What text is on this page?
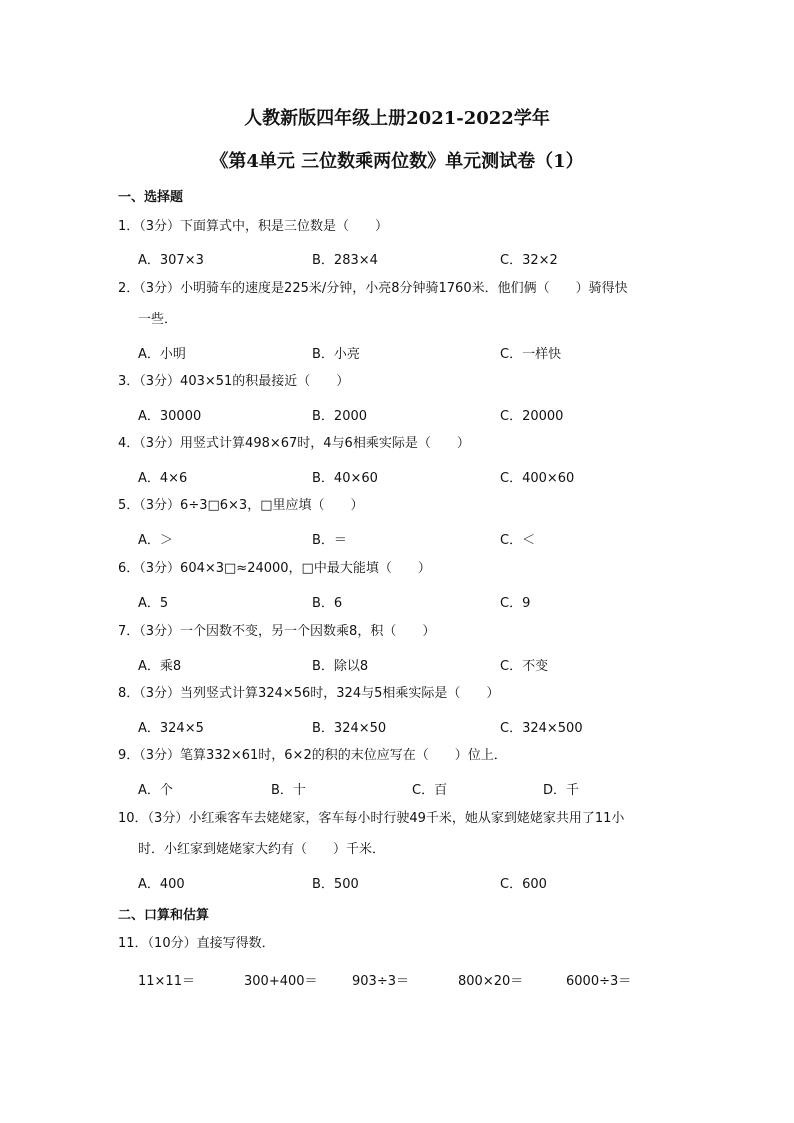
人教新版四年级上册2021-2022学年
《第4单元 三位数乘两位数》单元测试卷（1）
一、选择题
1．（3分）下面算式中，积是三位数是（　　）
A．307×3	B．283×4	C．32×2
2．（3分）小明骑车的速度是225米/分钟，小亮8分钟骑1760米．他们俩（　　）骑得快
一些．
A．小明	B．小亮	C．一样快
3．（3分）403×51的积最接近（　　）
A．30000	B．2000	C．20000
4．（3分）用竖式计算498×67时，4与6相乘实际是（　　）
A．4×6	B．40×60	C．400×60
5．（3分）6÷3□6×3，□里应填（　　）
A．＞	B．＝	C．＜
6．（3分）604×3□≈24000，□中最大能填（　　）
A．5	B．6	C．9
7．（3分）一个因数不变，另一个因数乘8，积（　　）
A．乘8	B．除以8	C．不变
8．（3分）当列竖式计算324×56时，324与5相乘实际是（　　）
A．324×5	B．324×50	C．324×500
9．（3分）笔算332×61时，6×2的积的末位应写在（　　）位上．
A．个	B．十	C．百	D．千
10．（3分）小红乘客车去姥姥家，客车每小时行驶49千米，她从家到姥姥家共用了11小
时．小红家到姥姥家大约有（　　）千米．
A．400	B．500	C．600
二、口算和估算
11．（10分）直接写得数．
11×11＝	300+400＝	903÷3＝	800×20＝	6000÷3＝
